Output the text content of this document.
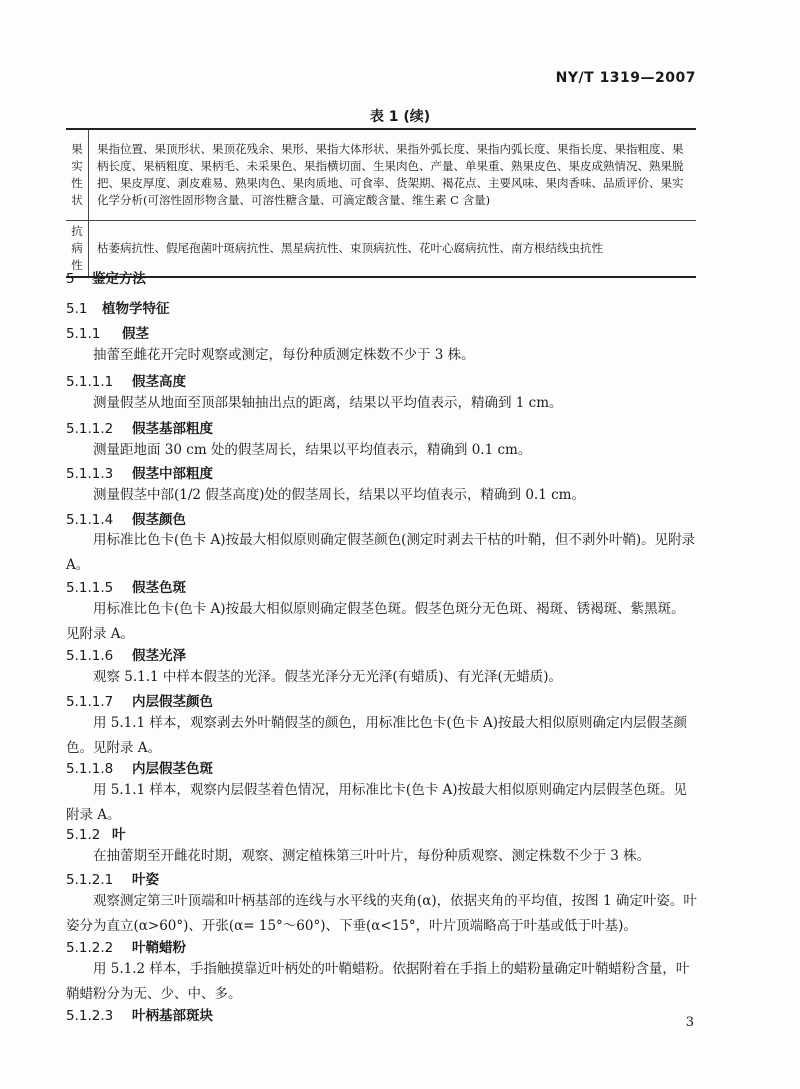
NY/T 1319—2007
表 1 (续)
果
实
性
状	果指位置、果顶形状、果顶花残余、果形、果指大体形状、果指外弧长度、果指内弧长度、果指长度、果指粗度、果柄长度、果柄粗度、果柄毛、未采果色、果指横切面、生果肉色、产量、单果重、熟果皮色、果皮成熟情况、熟果脱把、果皮厚度、剥皮难易、熟果肉色、果肉质地、可食率、货架期、褐花点、主要风味、果肉香味、品质评价、果实化学分析(可溶性固形物含量、可溶性糖含量、可滴定酸含量、维生素 C 含量)

抗
病
性	枯萎病抗性、假尾孢菌叶斑病抗性、黑星病抗性、束顶病抗性、花叶心腐病抗性、南方根结线虫抗性
5 鉴定方法
5.1 植物学特征
5.1.1 假茎
抽蕾至雌花开完时观察或测定，每份种质测定株数不少于 3 株。
5.1.1.1 假茎高度
测量假茎从地面至顶部果轴抽出点的距离，结果以平均值表示，精确到 1 cm。
5.1.1.2 假茎基部粗度
测量距地面 30 cm 处的假茎周长，结果以平均值表示，精确到 0.1 cm。
5.1.1.3 假茎中部粗度
测量假茎中部(1/2 假茎高度)处的假茎周长，结果以平均值表示，精确到 0.1 cm。
5.1.1.4 假茎颜色
用标准比色卡(色卡 A)按最大相似原则确定假茎颜色(测定时剥去干枯的叶鞘，但不剥外叶鞘)。见附录 A。
5.1.1.5 假茎色斑
用标准比色卡(色卡 A)按最大相似原则确定假茎色斑。假茎色斑分无色斑、褐斑、锈褐斑、紫黑斑。见附录 A。
5.1.1.6 假茎光泽
观察 5.1.1 中样本假茎的光泽。假茎光泽分无光泽(有蜡质)、有光泽(无蜡质)。
5.1.1.7 内层假茎颜色
用 5.1.1 样本，观察剥去外叶鞘假茎的颜色，用标准比色卡(色卡 A)按最大相似原则确定内层假茎颜色。见附录 A。
5.1.1.8 内层假茎色斑
用 5.1.1 样本，观察内层假茎着色情况，用标准比卡(色卡 A)按最大相似原则确定内层假茎色斑。见附录 A。
5.1.2 叶
在抽蕾期至开雌花时期，观察、测定植株第三叶叶片，每份种质观察、测定株数不少于 3 株。
5.1.2.1 叶姿
观察测定第三叶顶端和叶柄基部的连线与水平线的夹角(α)，依据夹角的平均值，按图 1 确定叶姿。叶姿分为直立(α>60°)、开张(α= 15°～60°)、下垂(α<15°，叶片顶端略高于叶基或低于叶基)。
5.1.2.2 叶鞘蜡粉
用 5.1.2 样本，手指触摸靠近叶柄处的叶鞘蜡粉。依据附着在手指上的蜡粉量确定叶鞘蜡粉含量，叶鞘蜡粉分为无、少、中、多。
5.1.2.3 叶柄基部斑块	3
